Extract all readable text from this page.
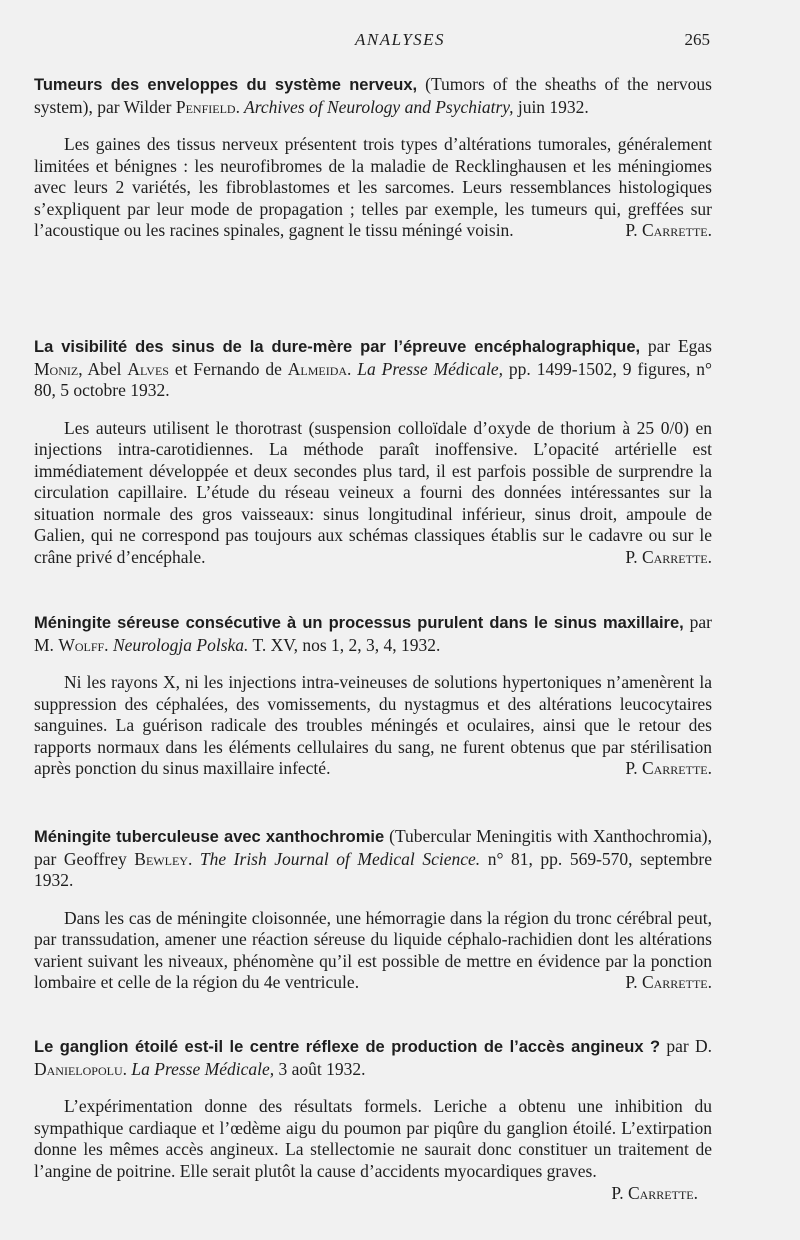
ANALYSES	265
Tumeurs des enveloppes du système nerveux, (Tumors of the sheaths of the nervous system), par Wilder Penfield. Archives of Neurology and Psychiatry, juin 1932.
Les gaines des tissus nerveux présentent trois types d’altérations tumorales, généralement limitées et bénignes : les neurofibromes de la maladie de Recklinghausen et les méningiomes avec leurs 2 variétés, les fibroblastomes et les sarcomes. Leurs ressemblances histologiques s’expliquent par leur mode de propagation ; telles par exemple, les tumeurs qui, greffées sur l’acoustique ou les racines spinales, gagnent le tissu méningé voisin.	P. Carrette.
La visibilité des sinus de la dure-mère par l’épreuve encéphalographique, par Egas Moniz, Abel Alves et Fernando de Almeida. La Presse Médicale, pp. 1499-1502, 9 figures, n° 80, 5 octobre 1932.
Les auteurs utilisent le thorotrast (suspension colloïdale d’oxyde de thorium à 25 0/0) en injections intra-carotidiennes. La méthode paraît inoffensive. L’opacité artérielle est immédiatement développée et deux secondes plus tard, il est parfois possible de surprendre la circulation capillaire. L’étude du réseau veineux a fourni des données intéressantes sur la situation normale des gros vaisseaux: sinus longitudinal inférieur, sinus droit, ampoule de Galien, qui ne correspond pas toujours aux schémas classiques établis sur le cadavre ou sur le crâne privé d’encéphale.	P. Carrette.
Méningite séreuse consécutive à un processus purulent dans le sinus maxillaire, par M. Wolff. Neurologja Polska. T. XV, nos 1, 2, 3, 4, 1932.
Ni les rayons X, ni les injections intra-veineuses de solutions hypertoniques n’amenèrent la suppression des céphalées, des vomissements, du nystagmus et des altérations leucocytaires sanguines. La guérison radicale des troubles méningés et oculaires, ainsi que le retour des rapports normaux dans les éléments cellulaires du sang, ne furent obtenus que par stérilisation après ponction du sinus maxillaire infecté.	P. Carrette.
Méningite tuberculeuse avec xanthochromie (Tubercular Meningitis with Xanthochromia), par Geoffrey Bewley. The Irish Journal of Medical Science. n° 81, pp. 569-570, septembre 1932.
Dans les cas de méningite cloisonnée, une hémorragie dans la région du tronc cérébral peut, par transsudation, amener une réaction séreuse du liquide céphalo-rachidien dont les altérations varient suivant les niveaux, phénomène qu’il est possible de mettre en évidence par la ponction lombaire et celle de la région du 4e ventricule.	P. Carrette.
Le ganglion étoilé est-il le centre réflexe de production de l’accès angineux ? par D. Danielopolu. La Presse Médicale, 3 août 1932.
L’expérimentation donne des résultats formels. Leriche a obtenu une inhibition du sympathique cardiaque et l’œdème aigu du poumon par piqûre du ganglion étoilé. L’extirpation donne les mêmes accès angineux. La stellectomie ne saurait donc constituer un traitement de l’angine de poitrine. Elle serait plutôt la cause d’accidents myocardiques graves.
P. Carrette.
